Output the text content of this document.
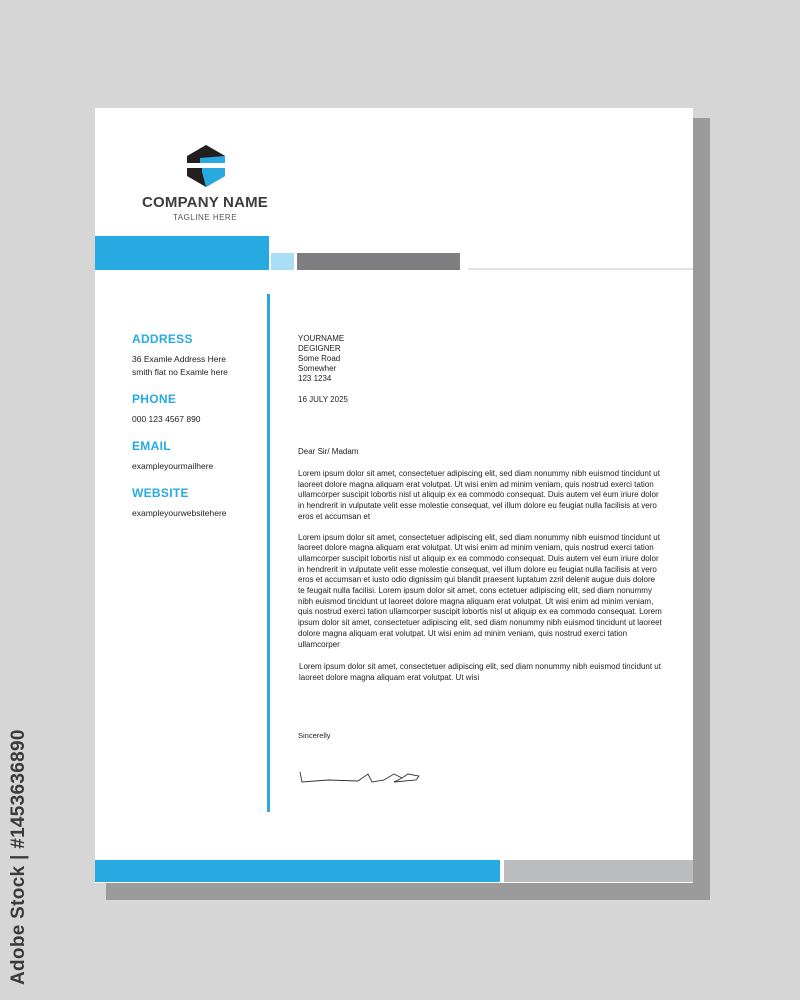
Adobe Stock | #1453636890
COMPANY NAME
TAGLINE HERE
ADDRESS
36 Examle Address Here
smith flat no Examle here
PHONE
000 123 4567 890
EMAIL
exampleyourmailhere
WEBSITE
exampleyourwebsitehere
YOURNAME
DEGIGNER
Some Road
Somewher
123 1234
16 JULY 2025
Dear Sir/ Madam
Lorem ipsum dolor sit amet, consectetuer adipiscing elit, sed diam nonummy nibh euismod tincidunt ut laoreet dolore magna aliquam erat volutpat. Ut wisi enim ad minim veniam, quis nostrud exerci tation ullamcorper suscipit lobortis nisl ut aliquip ex ea commodo consequat. Duis autem vel eum iriure dolor in hendrerit in vulputate velit esse molestie consequat, vel illum dolore eu feugiat nulla facilisis at vero eros et accumsan et
Lorem ipsum dolor sit amet, consectetuer adipiscing elit, sed diam nonummy nibh euismod tincidunt ut laoreet dolore magna aliquam erat volutpat. Ut wisi enim ad minim veniam, quis nostrud exerci tation ullamcorper suscipit lobortis nisl ut aliquip ex ea commodo consequat. Duis autem vel eum iriure dolor in hendrerit in vulputate velit esse molestie consequat, vel illum dolore eu feugiat nulla facilisis at vero eros et accumsan et iusto odio dignissim qui blandit praesent luptatum zzril delenit augue duis dolore te feugait nulla facilisi. Lorem ipsum dolor sit amet, cons ectetuer adipiscing elit, sed diam nonummy nibh euismod tincidunt ut laoreet dolore magna aliquam erat volutpat. Ut wisi enim ad minim veniam, quis nostrud exerci tation ullamcorper suscipit lobortis nisl ut aliquip ex ea commodo consequat. Lorem ipsum dolor sit amet, consectetuer adipiscing elit, sed diam nonummy nibh euismod tincidunt ut laoreet dolore magna aliquam erat volutpat. Ut wisi enim ad minim veniam, quis nostrud exerci tation ullamcorper
Lorem ipsum dolor sit amet, consectetuer adipiscing elit, sed diam nonummy nibh euismod tincidunt ut laoreet dolore magna aliquam erat volutpat. Ut wisi
Sincerelly
